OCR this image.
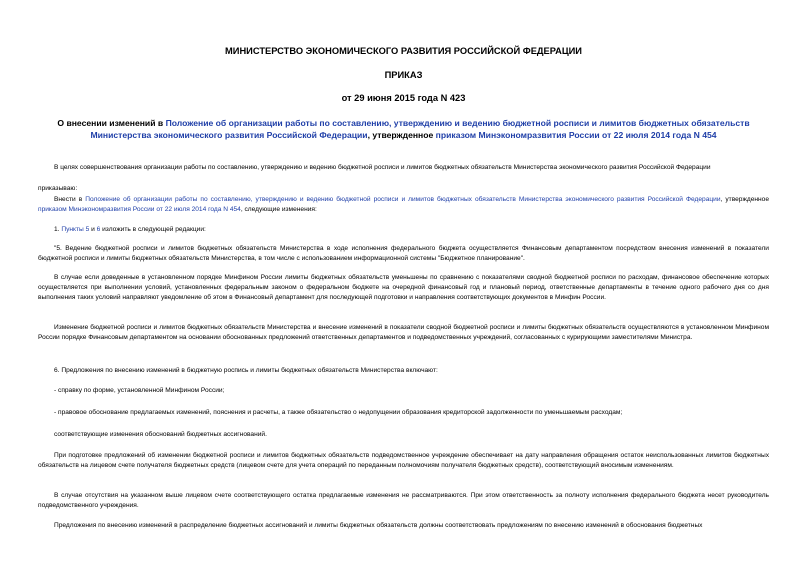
МИНИСТЕРСТВО ЭКОНОМИЧЕСКОГО РАЗВИТИЯ РОССИЙСКОЙ ФЕДЕРАЦИИ
ПРИКАЗ
от 29 июня 2015 года N 423
О внесении изменений в Положение об организации работы по составлению, утверждению и ведению бюджетной росписи и лимитов бюджетных обязательств Министерства экономического развития Российской Федерации, утвержденное приказом Минэкономразвития России от 22 июля 2014 года N 454
В целях совершенствования организации работы по составлению, утверждению и ведению бюджетной росписи и лимитов бюджетных обязательств Министерства экономического развития Российской Федерации
приказываю:
Внести в Положение об организации работы по составлению, утверждению и ведению бюджетной росписи и лимитов бюджетных обязательств Министерства экономического развития Российской Федерации, утвержденное приказом Минэкономразвития России от 22 июля 2014 года N 454, следующие изменения:
1. Пункты 5 и 6 изложить в следующей редакции:
"5. Ведение бюджетной росписи и лимитов бюджетных обязательств Министерства в ходе исполнения федерального бюджета осуществляется Финансовым департаментом посредством внесения изменений в показатели бюджетной росписи и лимиты бюджетных обязательств Министерства, в том числе с использованием информационной системы "Бюджетное планирование".
В случае если доведенные в установленном порядке Минфином России лимиты бюджетных обязательств уменьшены по сравнению с показателями сводной бюджетной росписи по расходам, финансовое обеспечение которых осуществляется при выполнении условий, установленных федеральным законом о федеральном бюджете на очередной финансовый год и плановый период, ответственные департаменты в течение одного рабочего дня со дня выполнения таких условий направляют уведомление об этом в Финансовый департамент для последующей подготовки и направления соответствующих документов в Минфин России.
Изменение бюджетной росписи и лимитов бюджетных обязательств Министерства и внесение изменений в показатели сводной бюджетной росписи и лимиты бюджетных обязательств осуществляются в установленном Минфином России порядке Финансовым департаментом на основании обоснованных предложений ответственных департаментов и подведомственных учреждений, согласованных с курирующими заместителями Министра.
6. Предложения по внесению изменений в бюджетную роспись и лимиты бюджетных обязательств Министерства включают:
- справку по форме, установленной Минфином России;
- правовое обоснование предлагаемых изменений, пояснения и расчеты, а также обязательство о недопущении образования кредиторской задолженности по уменьшаемым расходам;
соответствующие изменения обоснований бюджетных ассигнований.
При подготовке предложений об изменении бюджетной росписи и лимитов бюджетных обязательств подведомственное учреждение обеспечивает на дату направления обращения остаток неиспользованных лимитов бюджетных обязательств на лицевом счете получателя бюджетных средств (лицевом счете для учета операций по переданным полномочиям получателя бюджетных средств), соответствующий вносимым изменениям.
В случае отсутствия на указанном выше лицевом счете соответствующего остатка предлагаемые изменения не рассматриваются. При этом ответственность за полноту исполнения федерального бюджета несет руководитель подведомственного учреждения.
Предложения по внесению изменений в распределение бюджетных ассигнований и лимиты бюджетных обязательств должны соответствовать предложениям по внесению изменений в обоснования бюджетных
